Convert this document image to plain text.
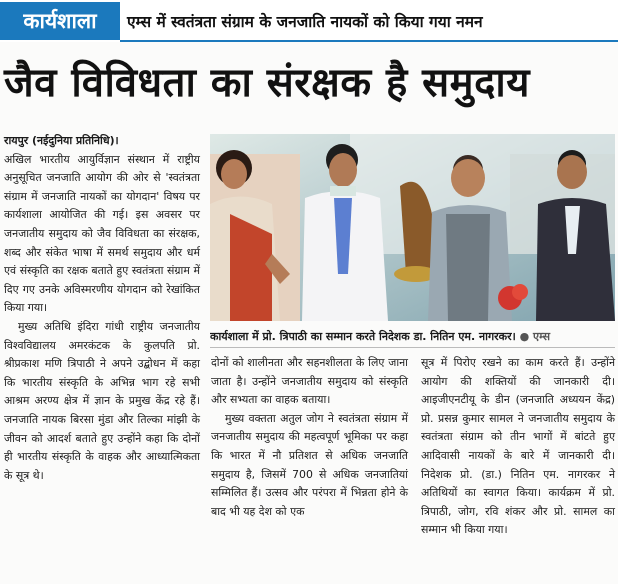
कार्यशाला	एम्स में स्वतंत्रता संग्राम के जनजाति नायकों को किया गया नमन
जैव विविधता का संरक्षक है समुदाय

रायपुर (नईदुनिया प्रतिनिधि)।

अखिल भारतीय आयुर्विज्ञान संस्थान में राष्ट्रीय अनुसूचित जनजाति आयोग की ओर से 'स्वतंत्रता संग्राम में जनजाति नायकों का योगदान' विषय पर कार्यशाला आयोजित की गई। इस अवसर पर जनजातीय समुदाय को जैव विविधता का संरक्षक, शब्द और संकेत भाषा में समर्थ समुदाय और धर्म एवं संस्कृति का रक्षक बताते हुए स्वतंत्रता संग्राम में दिए गए उनके अविस्मरणीय योगदान को रेखांकित किया गया।

मुख्य अतिथि इंदिरा गांधी राष्ट्रीय जनजातीय विश्वविद्यालय अमरकंटक के कुलपति प्रो. श्रीप्रकाश मणि त्रिपाठी ने अपने उद्बोधन में कहा कि भारतीय संस्कृति के अभिन्न भाग रहे सभी आश्रम अरण्य क्षेत्र में ज्ञान के प्रमुख केंद्र रहे हैं। जनजाति नायक बिरसा मुंडा और तिल्का मांझी के जीवन को आदर्श बताते हुए उन्होंने कहा कि दोनों ही भारतीय संस्कृति के वाहक और आध्यात्मिकता के सूत्र थे।

कार्यशाला में प्रो. त्रिपाठी का सम्मान करते निदेशक डा. नितिन एम. नागरकर। ● एम्स

दोनों को शालीनता और सहनशीलता के लिए जाना जाता है। उन्होंने जनजातीय समुदाय को संस्कृति और सभ्यता का वाहक बताया।

मुख्य वक्तता अतुल जोग ने स्वतंत्रता संग्राम में जनजातीय समुदाय की महत्वपूर्ण भूमिका पर कहा कि भारत में नौ प्रतिशत से अधिक जनजाति समुदाय है, जिसमें 700 से अधिक जनजातियां सम्मिलित हैं। उत्सव और परंपरा में भिन्नता होने के बाद भी यह देश को एक

सूत्र में पिरोए रखने का काम करते हैं। उन्होंने आयोग की शक्तियों की जानकारी दी। आइजीएनटीयू के डीन (जनजाति अध्ययन केंद्र) प्रो. प्रसन्न कुमार सामल ने जनजातीय समुदाय के स्वतंत्रता संग्राम को तीन भागों में बांटते हुए आदिवासी नायकों के बारे में जानकारी दी। निदेशक प्रो. (डा.) नितिन एम. नागरकर ने अतिथियों का स्वागत किया। कार्यक्रम में प्रो. त्रिपाठी, जोग, रवि शंकर और प्रो. सामल का सम्मान भी किया गया।
